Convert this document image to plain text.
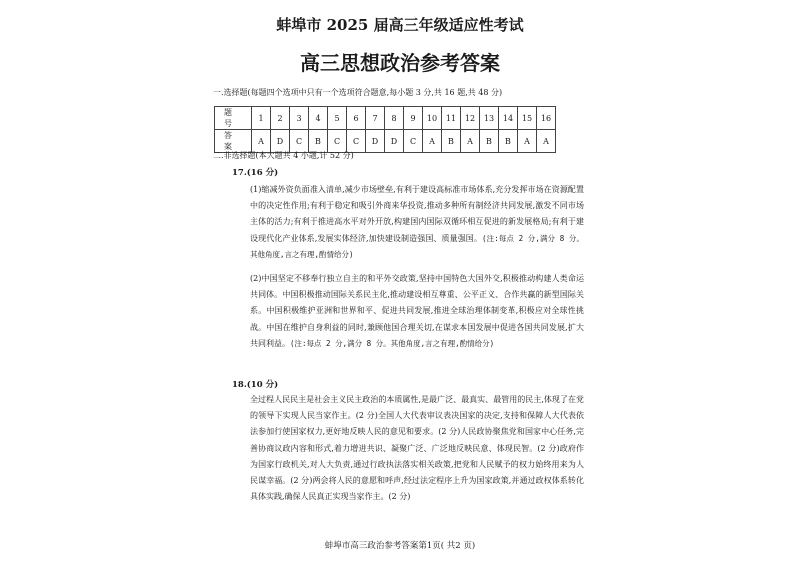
蚌埠市 2025 届高三年级适应性考试
高三思想政治参考答案
一.选择题(每题四个选项中只有一个选项符合题意,每小题 3 分,共 16 题,共 48 分)
题 号	1	2	3	4	5	6	7	8	9	10	11	12	13	14	15	16
答 案	A	D	C	B	C	C	D	D	C	A	B	A	B	B	A	A
二.非选择题(本大题共 4 小题,计 52 分)
17.(16 分)
(1)缩减外资负面准入清单,减少市场壁垒,有利于建设高标准市场体系,充分发挥市场在资源配置中的决定性作用;有利于稳定和吸引外商来华投资,推动多种所有制经济共同发展,激发不同市场主体的活力;有利于推进高水平对外开放,构建国内国际双循环相互促进的新发展格局;有利于建设现代化产业体系,发展实体经济,加快建设制造强国、质量强国。(注:每点 2 分,满分 8 分。其他角度,言之有理,酌情给分)
(2)中国坚定不移奉行独立自主的和平外交政策,坚持中国特色大国外交,积极推动构建人类命运共同体。中国积极推动国际关系民主化,推动建设相互尊重、公平正义、合作共赢的新型国际关系。中国积极维护亚洲和世界和平、促进共同发展,推进全球治理体制变革,积极应对全球性挑战。中国在维护自身利益的同时,兼顾他国合理关切,在谋求本国发展中促进各国共同发展,扩大共同利益。(注:每点 2 分,满分 8 分。其他角度,言之有理,酌情给分)
18.(10 分)
全过程人民民主是社会主义民主政治的本质属性,是最广泛、最真实、最管用的民主,体现了在党的领导下实现人民当家作主。(2 分)全国人大代表审议表决国家的决定,支持和保障人大代表依法参加行使国家权力,更好地反映人民的意见和要求。(2 分)人民政协聚焦党和国家中心任务,完善协商议政内容和形式,着力增进共识、凝聚广泛、广泛地反映民意、体现民智。(2 分)政府作为国家行政机关,对人大负责,通过行政执法落实相关政策,把党和人民赋予的权力始终用来为人民谋幸福。(2 分)两会将人民的意愿和呼声,经过法定程序上升为国家政策,并通过政权体系转化具体实践,确保人民真正实现当家作主。(2 分)
蚌埠市高三政治参考答案第1页( 共2 页)
